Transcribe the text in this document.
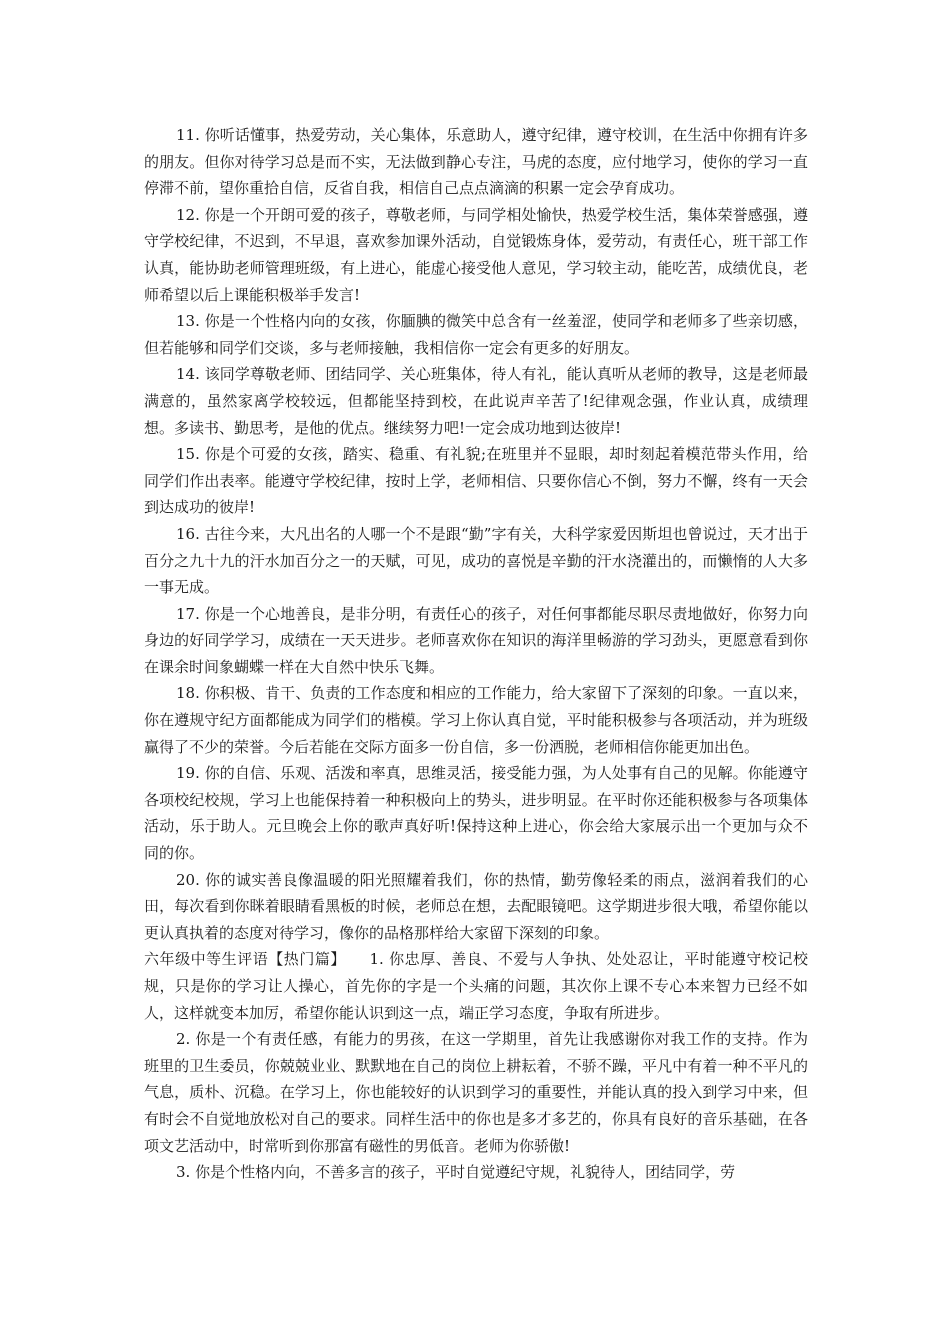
11. 你听话懂事，热爱劳动，关心集体，乐意助人，遵守纪律，遵守校训，在生活中你拥有许多的朋友。但你对待学习总是而不实，无法做到静心专注，马虎的态度，应付地学习，使你的学习一直停滞不前，望你重拾自信，反省自我，相信自己点点滴滴的积累一定会孕育成功。

12. 你是一个开朗可爱的孩子，尊敬老师，与同学相处愉快，热爱学校生活，集体荣誉感强，遵守学校纪律，不迟到，不早退，喜欢参加课外活动，自觉锻炼身体，爱劳动，有责任心，班干部工作认真，能协助老师管理班级，有上进心，能虚心接受他人意见，学习较主动，能吃苦，成绩优良，老师希望以后上课能积极举手发言!

13. 你是一个性格内向的女孩，你腼腆的微笑中总含有一丝羞涩，使同学和老师多了些亲切感，但若能够和同学们交谈，多与老师接触，我相信你一定会有更多的好朋友。

14. 该同学尊敬老师、团结同学、关心班集体，待人有礼，能认真听从老师的教导，这是老师最满意的，虽然家离学校较远，但都能坚持到校，在此说声辛苦了!纪律观念强，作业认真，成绩理想。多读书、勤思考，是他的优点。继续努力吧!一定会成功地到达彼岸!

15. 你是个可爱的女孩，踏实、稳重、有礼貌;在班里并不显眼，却时刻起着模范带头作用，给同学们作出表率。能遵守学校纪律，按时上学，老师相信、只要你信心不倒，努力不懈，终有一天会到达成功的彼岸!

16. 古往今来，大凡出名的人哪一个不是跟“勤”字有关，大科学家爱因斯坦也曾说过，天才出于百分之九十九的汗水加百分之一的天赋，可见，成功的喜悦是辛勤的汗水浇灌出的，而懒惰的人大多一事无成。

17. 你是一个心地善良，是非分明，有责任心的孩子，对任何事都能尽职尽责地做好，你努力向身边的好同学学习，成绩在一天天进步。老师喜欢你在知识的海洋里畅游的学习劲头，更愿意看到你在课余时间象蝴蝶一样在大自然中快乐飞舞。

18. 你积极、肯干、负责的工作态度和相应的工作能力，给大家留下了深刻的印象。一直以来，你在遵规守纪方面都能成为同学们的楷模。学习上你认真自觉，平时能积极参与各项活动，并为班级赢得了不少的荣誉。今后若能在交际方面多一份自信，多一份洒脱，老师相信你能更加出色。

19. 你的自信、乐观、活泼和率真，思维灵活，接受能力强，为人处事有自己的见解。你能遵守各项校纪校规，学习上也能保持着一种积极向上的势头，进步明显。在平时你还能积极参与各项集体活动，乐于助人。元旦晚会上你的歌声真好听!保持这种上进心，你会给大家展示出一个更加与众不同的你。

20. 你的诚实善良像温暖的阳光照耀着我们，你的热情，勤劳像轻柔的雨点，滋润着我们的心田，每次看到你眯着眼睛看黑板的时候，老师总在想，去配眼镜吧。这学期进步很大哦，希望你能以更认真执着的态度对待学习，像你的品格那样给大家留下深刻的印象。

六年级中等生评语【热门篇】　　 1. 你忠厚、善良、不爱与人争执、处处忍让，平时能遵守校记校规，只是你的学习让人操心，首先你的字是一个头痛的问题，其次你上课不专心本来智力已经不如人，这样就变本加厉，希望你能认识到这一点，端正学习态度，争取有所进步。

2. 你是一个有责任感，有能力的男孩，在这一学期里，首先让我感谢你对我工作的支持。作为班里的卫生委员，你兢兢业业、默默地在自己的岗位上耕耘着，不骄不躁，平凡中有着一种不平凡的气息，质朴、沉稳。在学习上，你也能较好的认识到学习的重要性，并能认真的投入到学习中来，但有时会不自觉地放松对自己的要求。同样生活中的你也是多才多艺的，你具有良好的音乐基础，在各项文艺活动中，时常听到你那富有磁性的男低音。老师为你骄傲!

3. 你是个性格内向，不善多言的孩子，平时自觉遵纪守规，礼貌待人，团结同学，劳
